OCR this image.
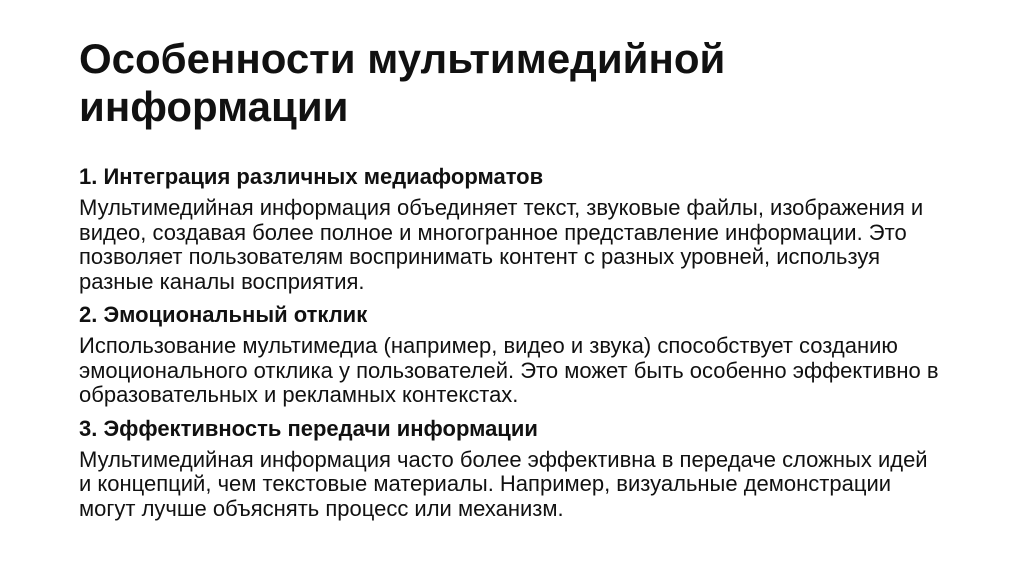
Особенности мультимедийной информации
1. Интеграция различных медиаформатов

Мультимедийная информация объединяет текст, звуковые файлы, изображения и видео, создавая более полное и многогранное представление информации. Это позволяет пользователям воспринимать контент с разных уровней, используя разные каналы восприятия.

2. Эмоциональный отклик

Использование мультимедиа (например, видео и звука) способствует созданию эмоционального отклика у пользователей. Это может быть особенно эффективно в образовательных и рекламных контекстах.

3. Эффективность передачи информации

Мультимедийная информация часто более эффективна в передаче сложных идей и концепций, чем текстовые материалы. Например, визуальные демонстрации могут лучше объяснять процесс или механизм.
